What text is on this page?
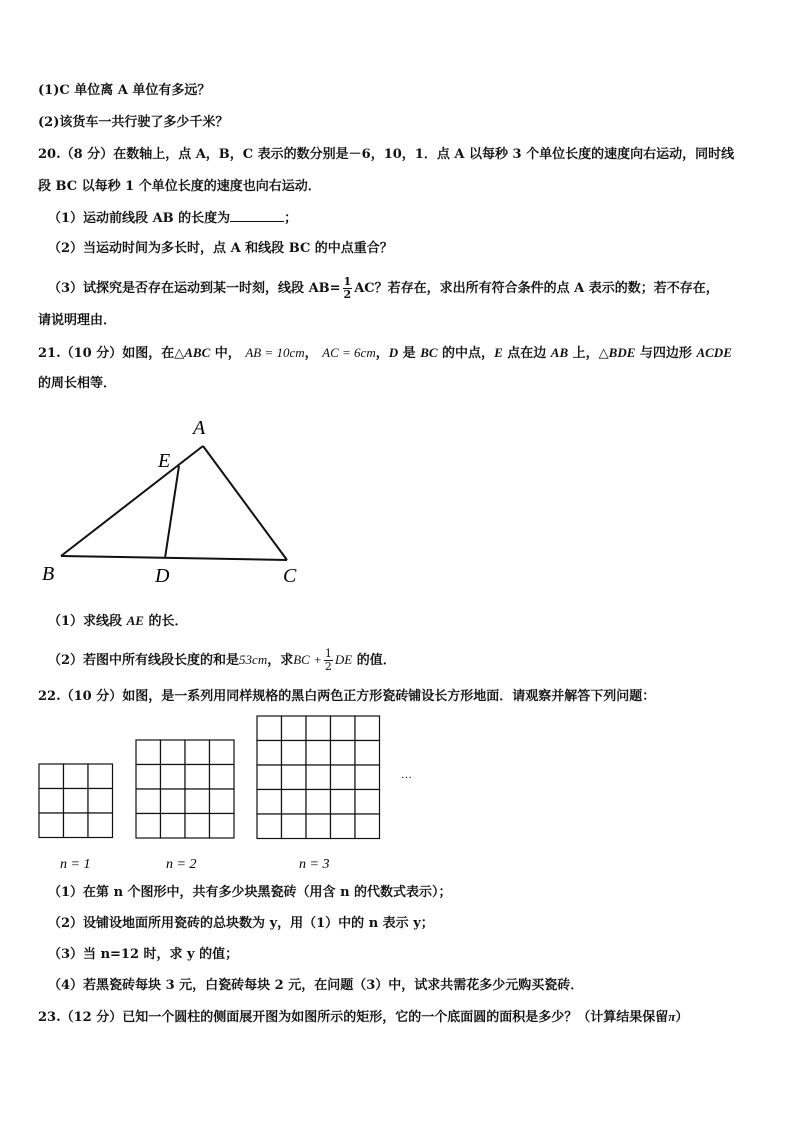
(1)C 单位离 A 单位有多远？
(2)该货车一共行驶了多少千米？
20.（8 分）在数轴上，点 A，B，C 表示的数分别是－6，10，1．点 A 以每秒 3 个单位长度的速度向右运动，同时线
段 BC 以每秒 1 个单位长度的速度也向右运动．
（1）运动前线段 AB 的长度为	；
（2）当运动时间为多长时，点 A 和线段 BC 的中点重合？
（3）试探究是否存在运动到某一时刻，线段 $AB= \frac{1}{2}$ AC？若存在，求出所有符合条件的点 A 表示的数；若不存在，
请说明理由．
21.（10 分）如图，在△ABC 中， AB = 10cm， AC = 6cm，D 是 BC 的中点，E 点在边 AB 上，△BDE 与四边形 ACDE
的周长相等．
A
E
B	D	C
（1）求线段 AE 的长．
（2）若图中所有线段长度的和是53cm，求BC + $\frac{1}{2}$ DE 的值．
22.（10 分）如图，是一系列用同样规格的黑白两色正方形瓷砖铺设长方形地面．请观察并解答下列问题：
…
n = 1	n = 2	n = 3
（1）在第 n 个图形中，共有多少块黑瓷砖（用含 n 的代数式表示）；
（2）设铺设地面所用瓷砖的总块数为 y，用（1）中的 n 表示 y；
（3）当 n=12 时，求 y 的值；
（4）若黑瓷砖每块 3 元，白瓷砖每块 2 元，在问题（3）中，试求共需花多少元购买瓷砖．
23.（12 分）已知一个圆柱的侧面展开图为如图所示的矩形，它的一个底面圆的面积是多少？（计算结果保留π）
